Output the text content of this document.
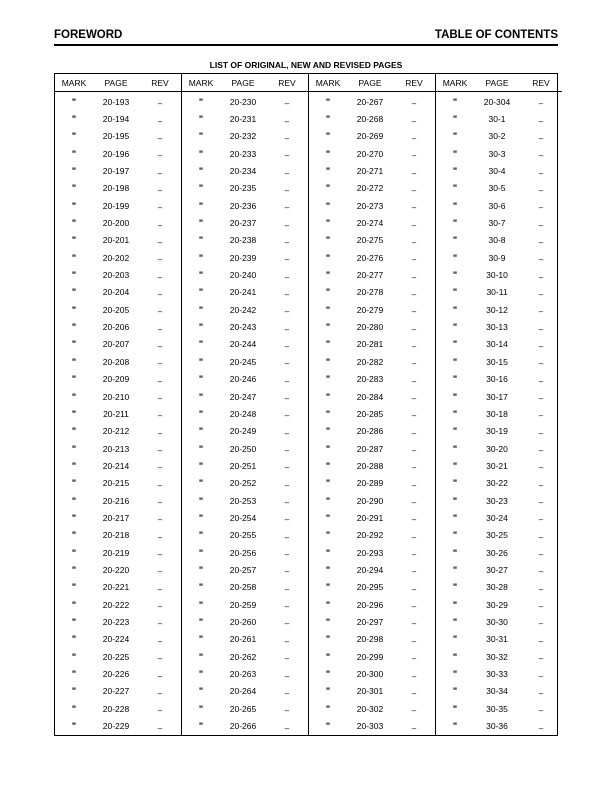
FOREWORD	TABLE OF CONTENTS
LIST OF ORIGINAL, NEW AND REVISED PAGES
MARK	PAGE	REV
"	20-193	–
"	20-194	–
"	20-195	–
"	20-196	–
"	20-197	–
"	20-198	–
"	20-199	–
"	20-200	–
"	20-201	–
"	20-202	–
"	20-203	–
"	20-204	–
"	20-205	–
"	20-206	–
"	20-207	–
"	20-208	–
"	20-209	–
"	20-210	–
"	20-211	–
"	20-212	–
"	20-213	–
"	20-214	–
"	20-215	–
"	20-216	–
"	20-217	–
"	20-218	–
"	20-219	–
"	20-220	–
"	20-221	–
"	20-222	–
"	20-223	–
"	20-224	–
"	20-225	–
"	20-226	–
"	20-227	–
"	20-228	–
"	20-229	–
MARK	PAGE	REV
"	20-230	–
"	20-231	–
"	20-232	–
"	20-233	–
"	20-234	–
"	20-235	–
"	20-236	–
"	20-237	–
"	20-238	–
"	20-239	–
"	20-240	–
"	20-241	–
"	20-242	–
"	20-243	–
"	20-244	–
"	20-245	–
"	20-246	–
"	20-247	–
"	20-248	–
"	20-249	–
"	20-250	–
"	20-251	–
"	20-252	–
"	20-253	–
"	20-254	–
"	20-255	–
"	20-256	–
"	20-257	–
"	20-258	–
"	20-259	–
"	20-260	–
"	20-261	–
"	20-262	–
"	20-263	–
"	20-264	–
"	20-265	–
"	20-266	–
MARK	PAGE	REV
"	20-267	–
"	20-268	–
"	20-269	–
"	20-270	–
"	20-271	–
"	20-272	–
"	20-273	–
"	20-274	–
"	20-275	–
"	20-276	–
"	20-277	–
"	20-278	–
"	20-279	–
"	20-280	–
"	20-281	–
"	20-282	–
"	20-283	–
"	20-284	–
"	20-285	–
"	20-286	–
"	20-287	–
"	20-288	–
"	20-289	–
"	20-290	–
"	20-291	–
"	20-292	–
"	20-293	–
"	20-294	–
"	20-295	–
"	20-296	–
"	20-297	–
"	20-298	–
"	20-299	–
"	20-300	–
"	20-301	–
"	20-302	–
"	20-303	–
MARK	PAGE	REV
"	20-304	–
"	30-1	–
"	30-2	–
"	30-3	–
"	30-4	–
"	30-5	–
"	30-6	–
"	30-7	–
"	30-8	–
"	30-9	–
"	30-10	–
"	30-11	–
"	30-12	–
"	30-13	–
"	30-14	–
"	30-15	–
"	30-16	–
"	30-17	–
"	30-18	–
"	30-19	–
"	30-20	–
"	30-21	–
"	30-22	–
"	30-23	–
"	30-24	–
"	30-25	–
"	30-26	–
"	30-27	–
"	30-28	–
"	30-29	–
"	30-30	–
"	30-31	–
"	30-32	–
"	30-33	–
"	30-34	–
"	30-35	–
"	30-36	–
